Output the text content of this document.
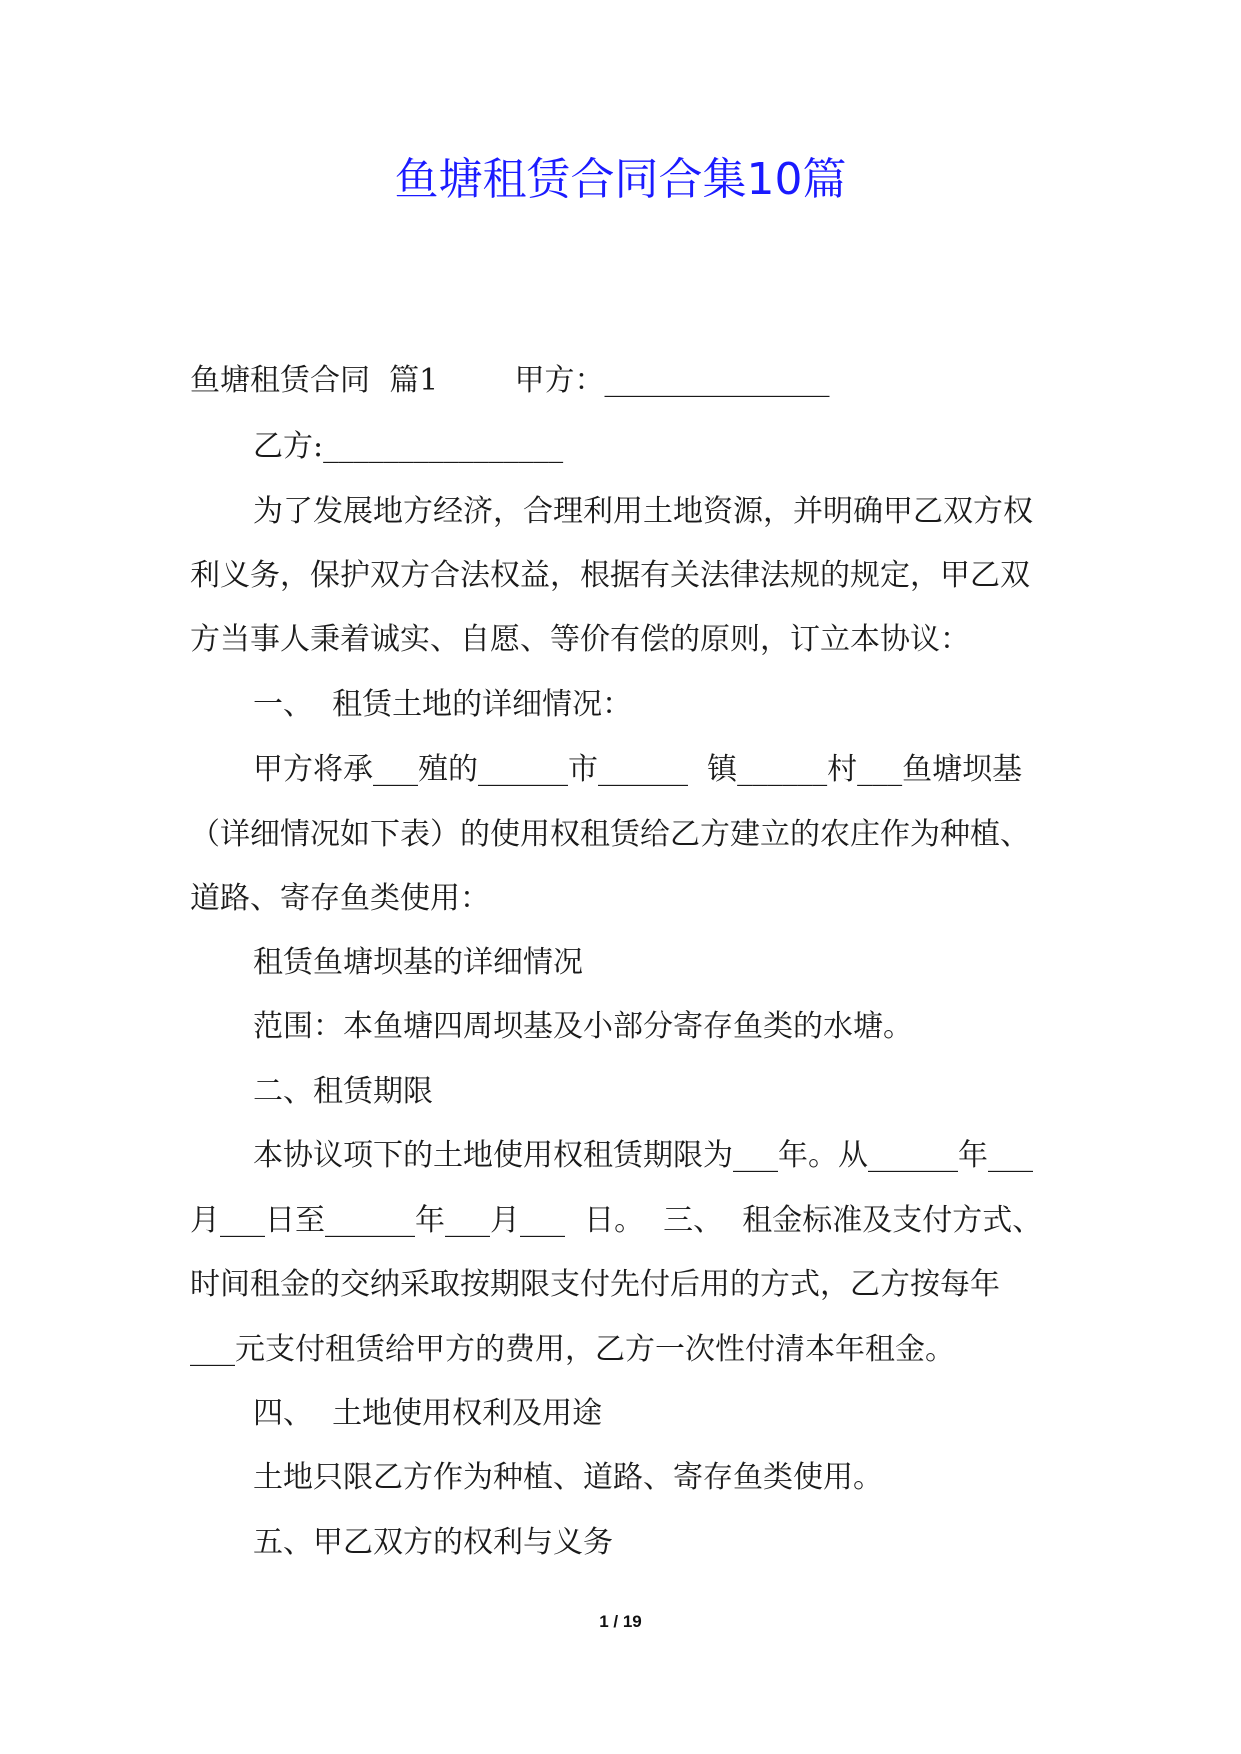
鱼塘租赁合同合集10篇
鱼塘租赁合同  篇1        甲方：_______________
乙方:________________
为了发展地方经济，合理利用土地资源，并明确甲乙双方权
利义务，保护双方合法权益，根据有关法律法规的规定，甲乙双
方当事人秉着诚实、自愿、等价有偿的原则，订立本协议：
一、  租赁土地的详细情况：
甲方将承___殖的______市______  镇______村___鱼塘坝基
（详细情况如下表）的使用权租赁给乙方建立的农庄作为种植、
道路、寄存鱼类使用：
租赁鱼塘坝基的详细情况
范围：本鱼塘四周坝基及小部分寄存鱼类的水塘。
二、租赁期限
本协议项下的土地使用权租赁期限为___年。从______年___
月___日至______年___月___  日。  三、  租金标准及支付方式、
时间租金的交纳采取按期限支付先付后用的方式，乙方按每年
___元支付租赁给甲方的费用，乙方一次性付清本年租金。
四、  土地使用权利及用途
土地只限乙方作为种植、道路、寄存鱼类使用。
五、甲乙双方的权利与义务
1 / 19
